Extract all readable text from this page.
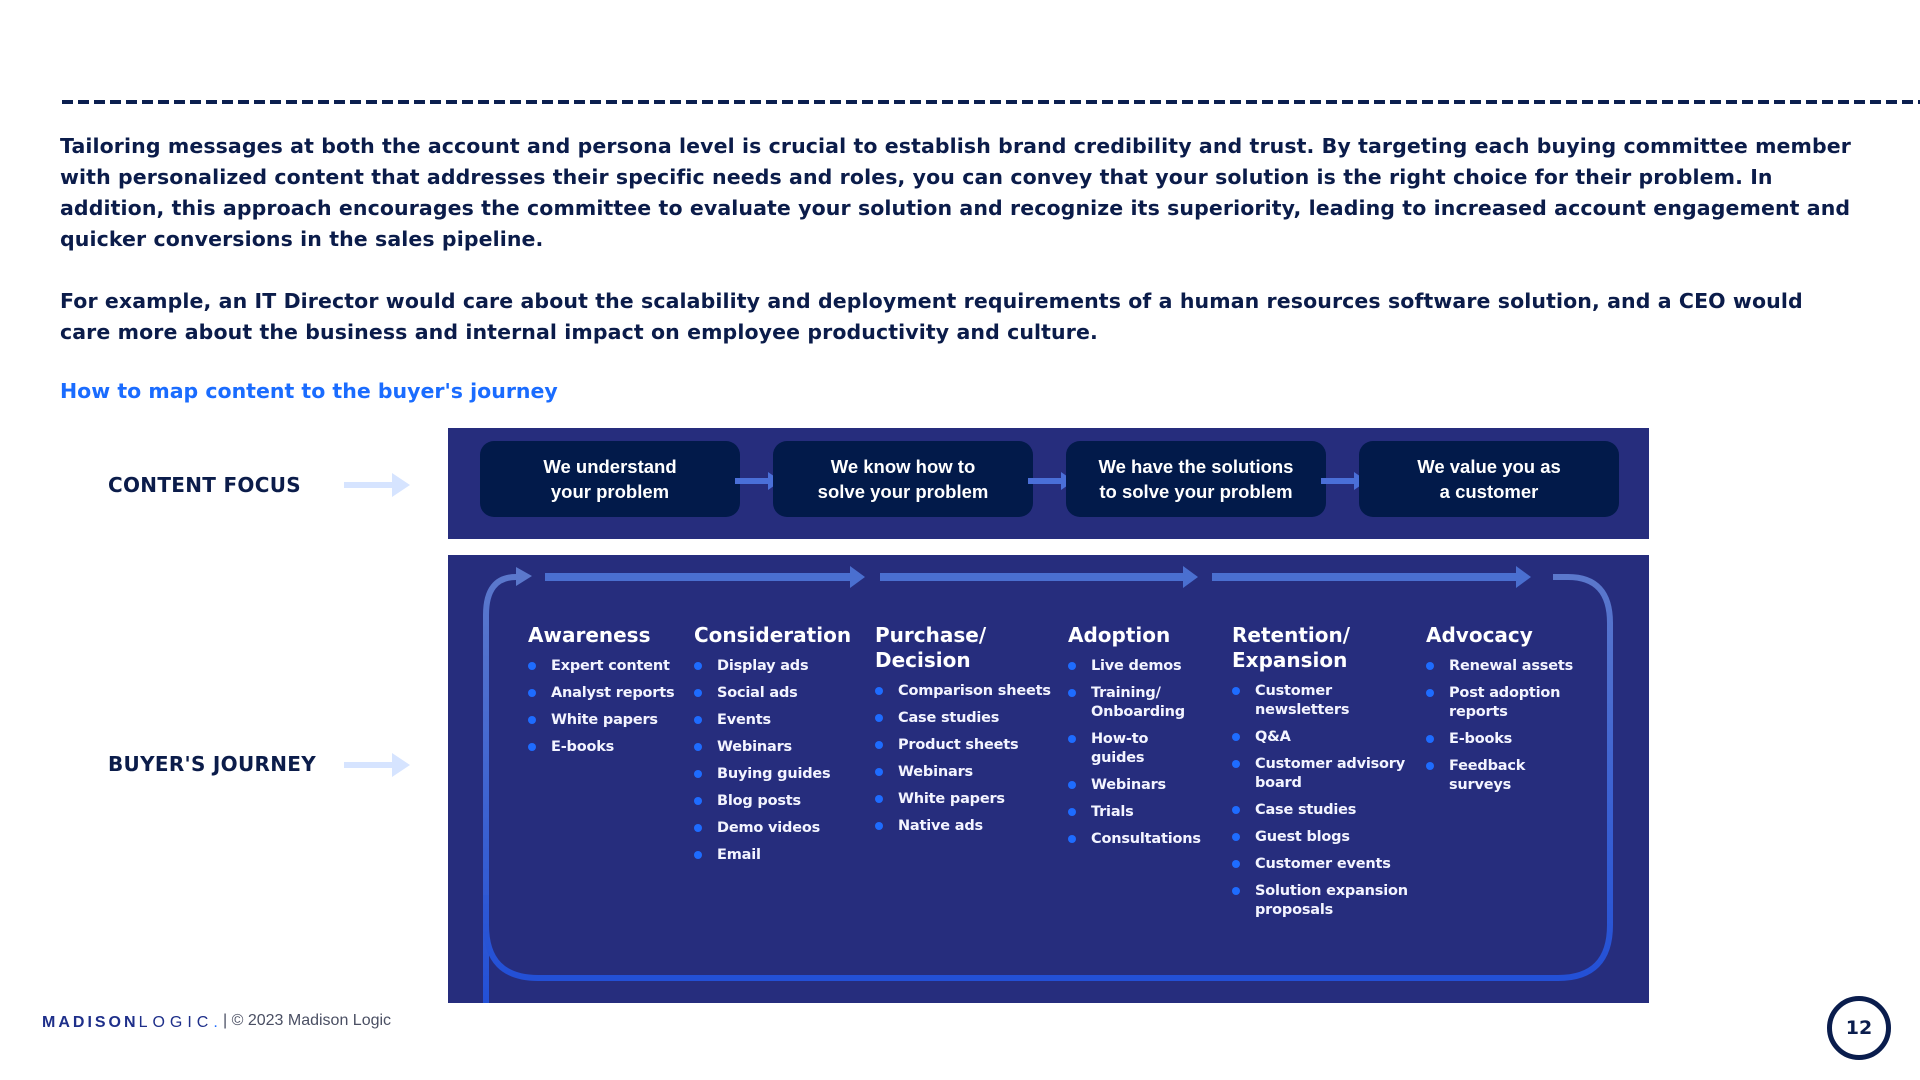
Tailoring messages at both the account and persona level is crucial to establish brand credibility and trust. By targeting each buying committee member with personalized content that addresses their specific needs and roles, you can convey that your solution is the right choice for their problem. In addition, this approach encourages the committee to evaluate your solution and recognize its superiority, leading to increased account engagement and quicker conversions in the sales pipeline.

For example, an IT Director would care about the scalability and deployment requirements of a human resources software solution, and a CEO would care more about the business and internal impact on employee productivity and culture.

How to map content to the buyer's journey
CONTENT FOCUS
We understand your problem
We know how to solve your problem
We have the solutions to solve your problem
We value you as a customer
BUYER'S JOURNEY
Awareness
Expert content
Analyst reports
White papers
E-books
Consideration
Display ads
Social ads
Events
Webinars
Buying guides
Blog posts
Demo videos
Email
Purchase/ Decision
Comparison sheets
Case studies
Product sheets
Webinars
White papers
Native ads
Adoption
Live demos
Training/ Onboarding
How-to guides
Webinars
Trials
Consultations
Retention/ Expansion
Customer newsletters
Q&A
Customer advisory board
Case studies
Guest blogs
Customer events
Solution expansion proposals
Advocacy
Renewal assets
Post adoption reports
E-books
Feedback surveys
MADISONLOGIC. | © 2023 Madison Logic	12
